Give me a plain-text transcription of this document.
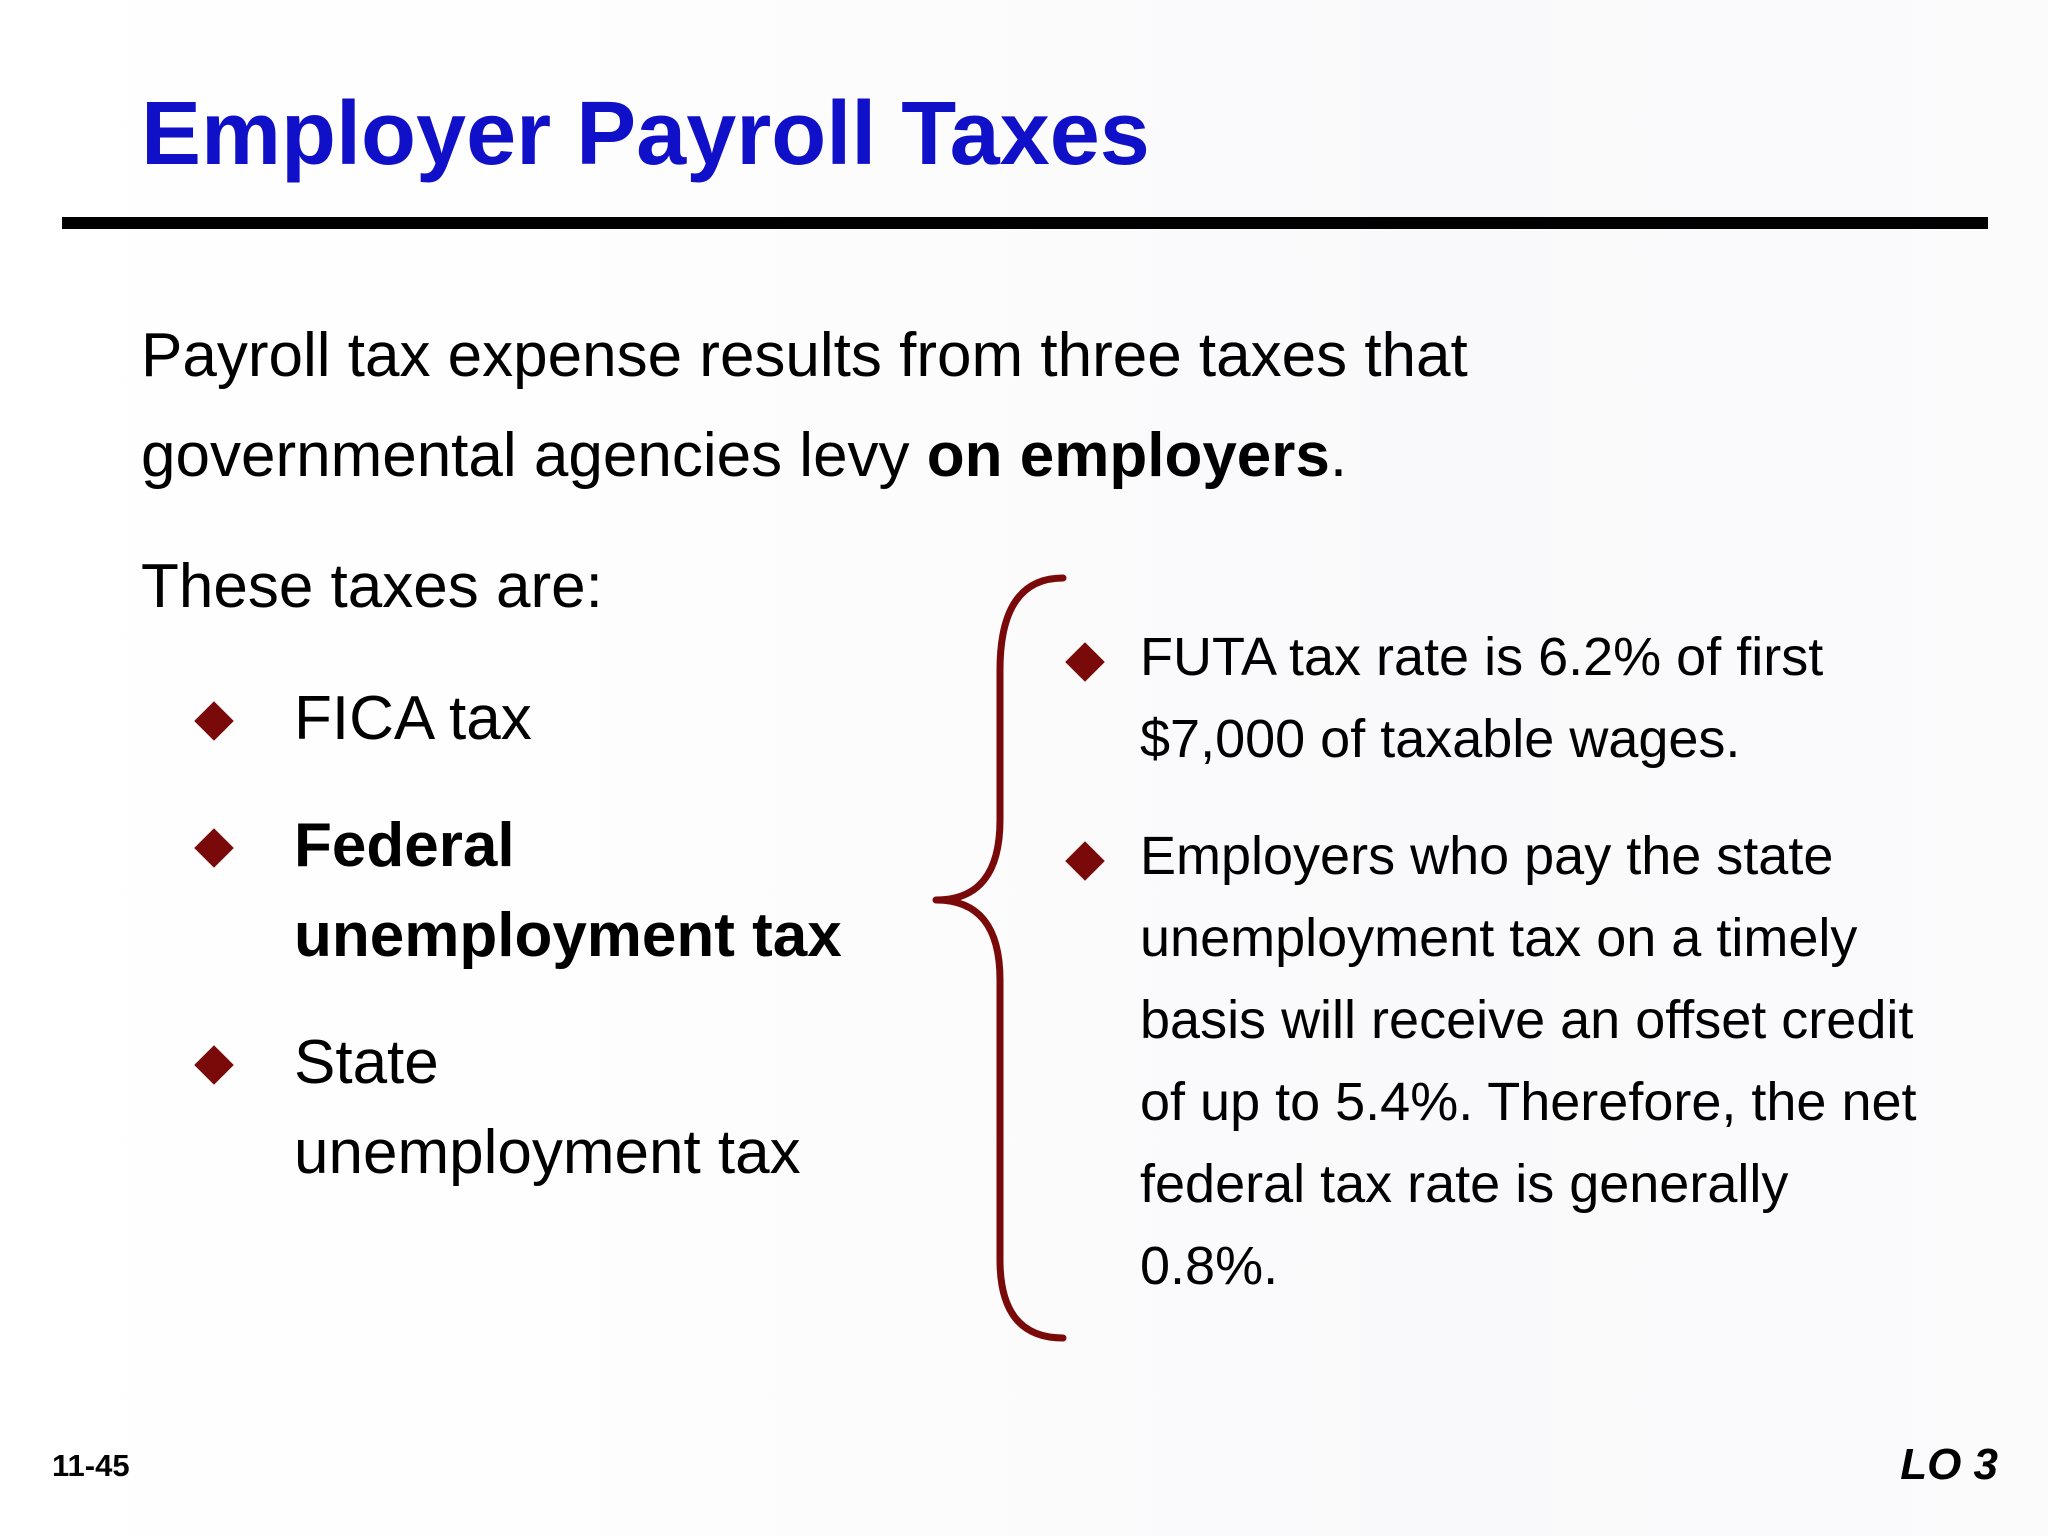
Employer Payroll Taxes
Payroll tax expense results from three taxes that
governmental agencies levy on employers.
These taxes are:
FICA tax
Federal
unemployment tax
State
unemployment tax
FUTA tax rate is 6.2% of first
$7,000 of taxable wages.
Employers who pay the state
unemployment tax on a timely
basis will receive an offset credit
of up to 5.4%. Therefore, the net
federal tax rate is generally
0.8%.
11-45	LO 3
